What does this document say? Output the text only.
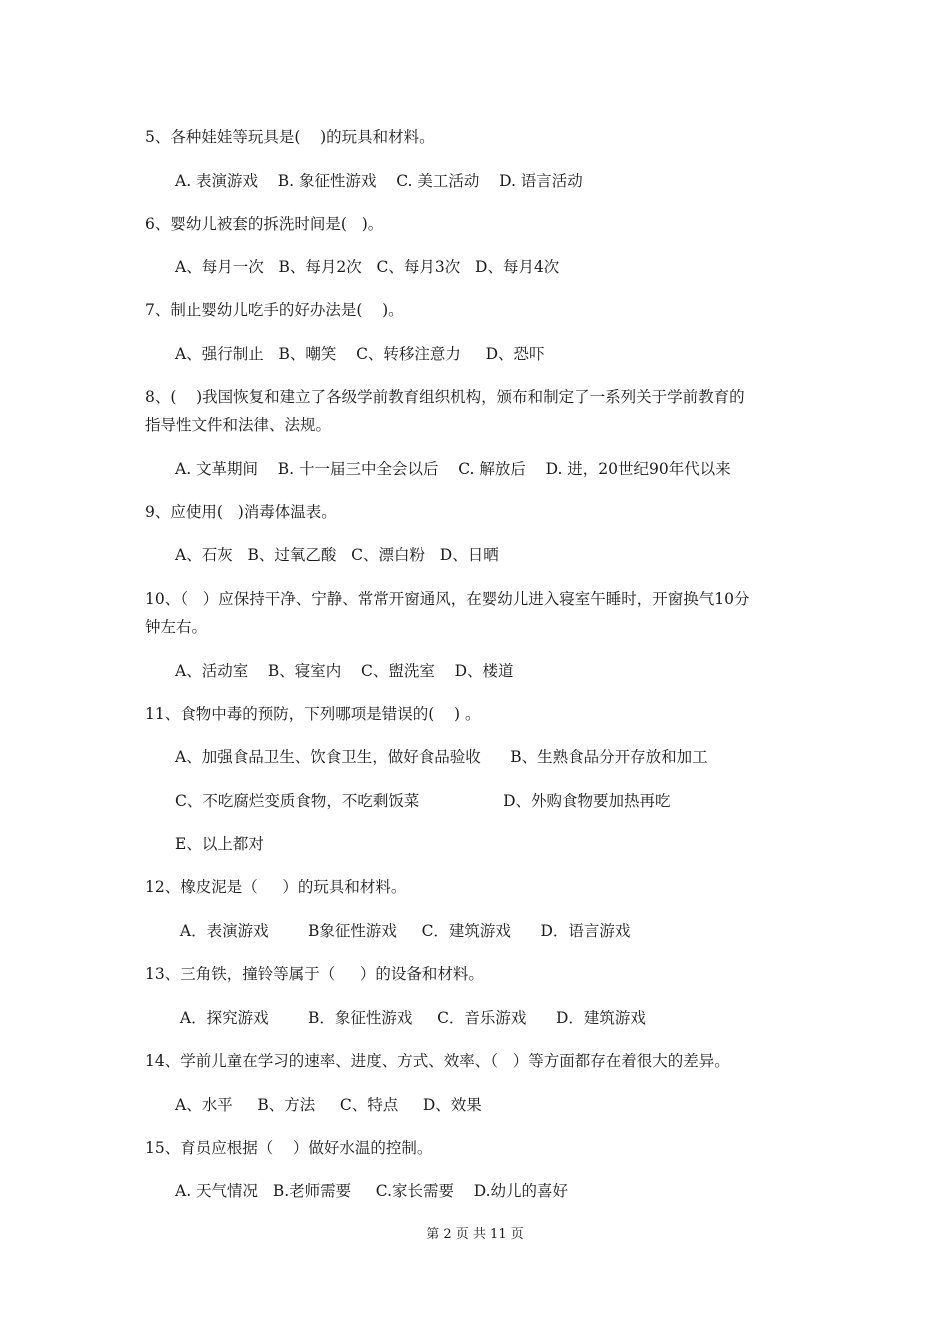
5、各种娃娃等玩具是(    )的玩具和材料。
A. 表演游戏    B. 象征性游戏    C. 美工活动    D. 语言活动
6、婴幼儿被套的拆洗时间是(   )。
A、每月一次   B、每月2次   C、每月3次   D、每月4次
7、制止婴幼儿吃手的好办法是(    )。
A、强行制止   B、嘲笑    C、转移注意力     D、恐吓
8、(    )我国恢复和建立了各级学前教育组织机构，颁布和制定了一系列关于学前教育的
指导性文件和法律、法规。
A. 文革期间    B. 十一届三中全会以后    C. 解放后    D. 进，20世纪90年代以来
9、应使用(   )消毒体温表。
A、石灰   B、过氧乙酸   C、漂白粉   D、日晒
10、（   ）应保持干净、宁静、常常开窗通风，在婴幼儿进入寝室午睡时，开窗换气10分
钟左右。
A、活动室    B、寝室内    C、盥洗室    D、楼道
11、食物中毒的预防，下列哪项是错误的(    ) 。
A、加强食品卫生、饮食卫生，做好食品验收      B、生熟食品分开存放和加工
C、不吃腐烂变质食物，不吃剩饭菜                 D、外购食物要加热再吃
E、以上都对
12、橡皮泥是（     ）的玩具和材料。
A．表演游戏        B象征性游戏     C．建筑游戏      D．语言游戏
13、三角铁，撞铃等属于（     ）的设备和材料。
A．探究游戏        B．象征性游戏     C．音乐游戏      D．建筑游戏
14、学前儿童在学习的速率、进度、方式、效率、（   ）等方面都存在着很大的差异。
A、水平     B、方法     C、特点     D、效果
15、育员应根据（    ）做好水温的控制。
A. 天气情况   B.老师需要     C.家长需要    D.幼儿的喜好
第 2 页 共 11 页
